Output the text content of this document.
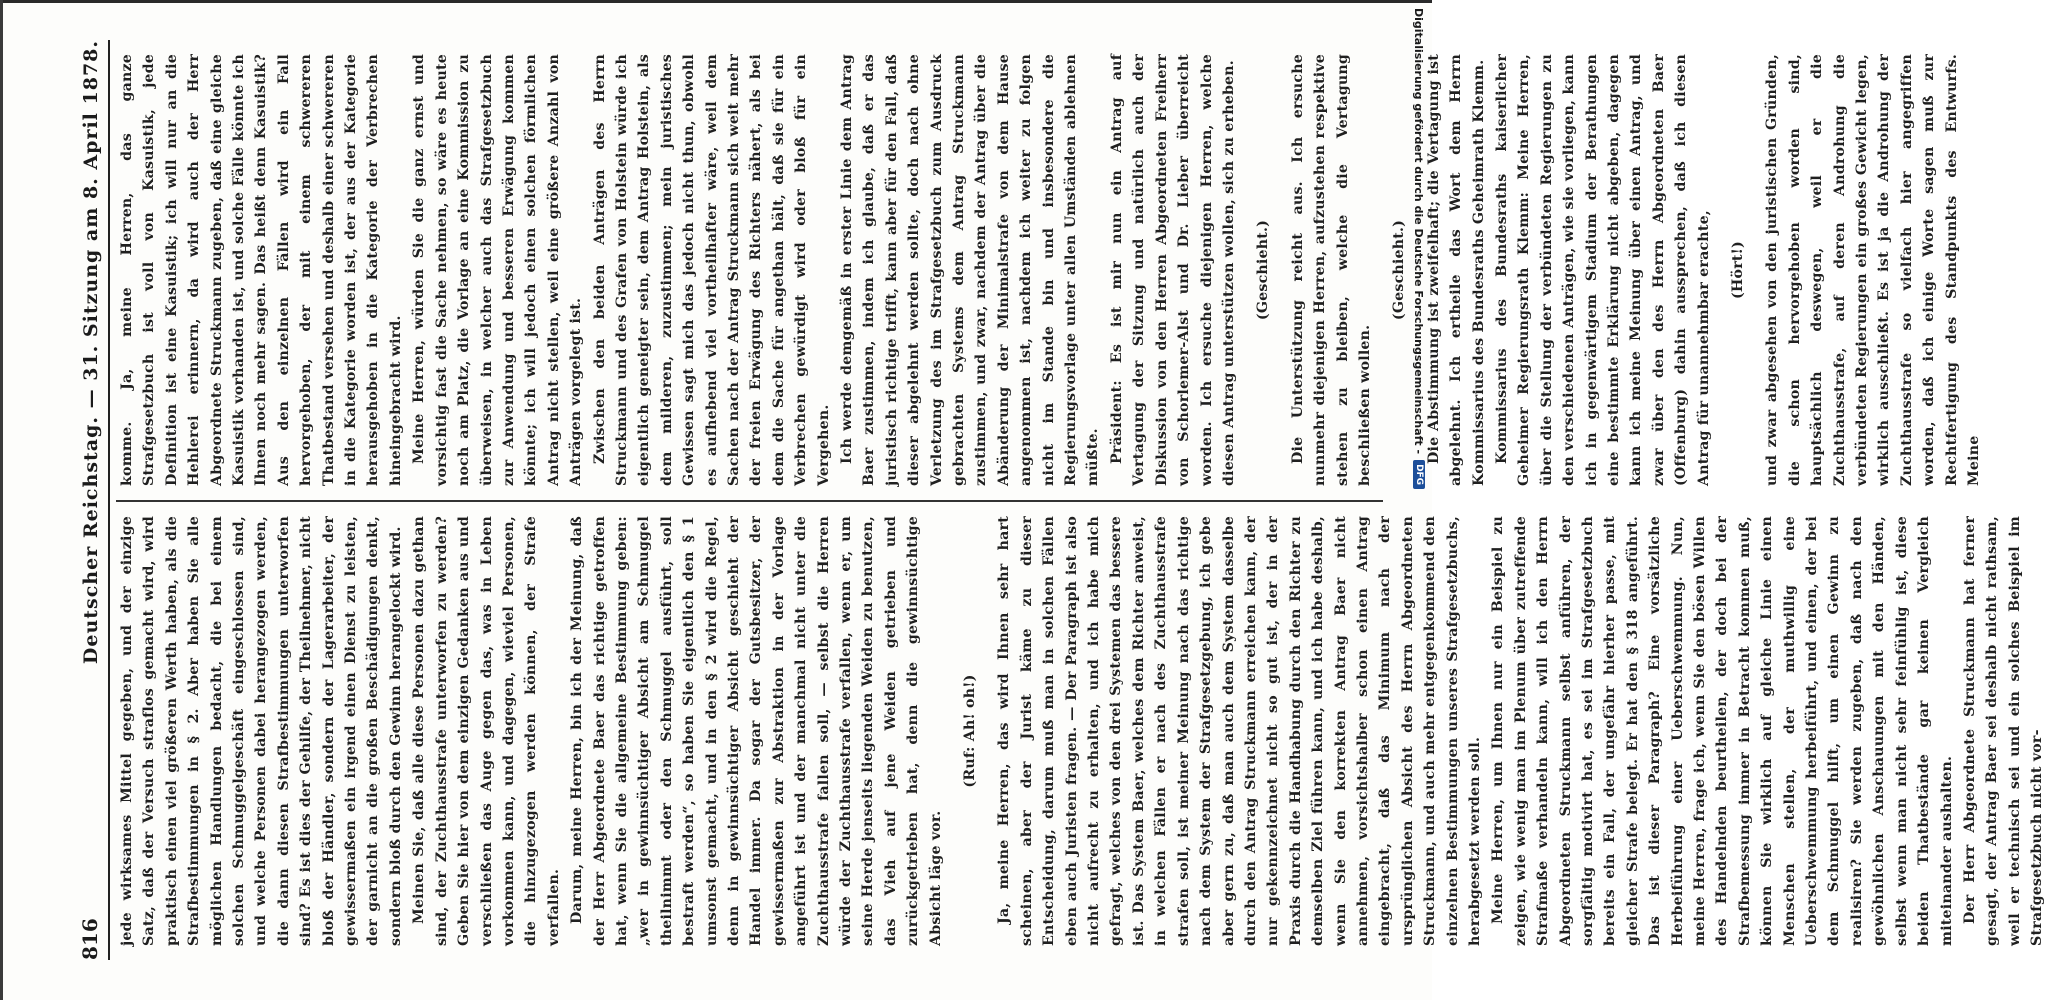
816
Deutscher Reichstag. — 31. Sitzung am 8. April 1878.

jede wirksames Mittel gegeben, und der einzige Satz, daß der Versuch straflos gemacht wird, wird praktisch einen viel größeren Werth haben, als die Strafbestimmungen in § 2. Aber haben Sie alle möglichen Handlungen bedacht, die bei einem solchen Schmuggelgeschäft eingeschlossen sind, und welche Personen dabei herangezogen werden, die dann diesen Strafbestimmungen unterworfen sind? Es ist dies der Gehilfe, der Theilnehmer, nicht bloß der Händler, sondern der Lagerarbeiter, der gewissermaßen ein irgend einen Dienst zu leisten, der garnicht an die großen Beschädigungen denkt, sondern bloß durch den Gewinn herangelockt wird. Meinen Sie, daß alle diese Personen dazu gethan sind, der Zuchthausstrafe unterworfen zu werden? Geben Sie hier von dem einzigen Gedanken aus und verschließen das Auge gegen das, was in Leben vorkommen kann, und dagegen, wieviel Personen, die hinzugezogen werden können, der Strafe verfallen. Darum, meine Herren, bin ich der Meinung, daß der Herr Abgeordnete Baer das richtige getroffen hat, wenn Sie die allgemeine Bestimmung geben: „wer in gewinnsüchtiger Absicht am Schmuggel theilnimmt oder den Schmuggel ausführt, soll bestraft werden“, so haben Sie eigentlich den § 1 umsonst gemacht, und in den § 2 wird die Regel, denn in gewinnsüchtiger Absicht geschieht der Handel immer. Da sogar der Gutsbesitzer, der gewissermaßen zur Abstraktion in der Vorlage angeführt ist und der manchmal nicht unter die Zuchthausstrafe fallen soll, — selbst die Herren würde der Zuchthausstrafe verfallen, wenn er, um seine Herde jenseits liegenden Weiden zu benutzen, das Vieh auf jene Weiden getrieben und zurückgetrieben hat, denn die gewinnsüchtige Absicht läge vor.

(Ruf: Ah! oh!) Ja, meine Herren, das wird Ihnen sehr hart scheinen, aber der Jurist käme zu dieser Entscheidung, darum muß man in solchen Fällen eben auch Juristen fragen. — Der Paragraph ist also nicht aufrecht zu erhalten, und ich habe mich gefragt, welches von den drei Systemen das bessere ist. Das System Baer, welches dem Richter anweist, in welchen Fällen er nach des Zuchthausstrafe strafen soll, ist meiner Meinung nach das richtige nach dem System der Strafgesetzgebung, ich gebe aber gern zu, daß man auch dem System dasselbe durch den Antrag Struckmann erreichen kann, der nur gekennzeichnet nicht so gut ist, der in der Praxis durch die Handhabung durch den Richter zu demselben Ziel führen kann, und ich habe deshalb, wenn Sie den korrekten Antrag Baer nicht annehmen, vorsichtshalber schon einen Antrag eingebracht, daß das Minimum nach der ursprünglichen Absicht des Herrn Abgeordneten Struckmann, und auch mehr entgegenkommend den einzelnen Bestimmungen unseres Strafgesetzbuchs, herabgesetzt werden soll. Meine Herren, um Ihnen nur ein Beispiel zu zeigen, wie wenig man im Plenum über zutreffende Strafmaße verhandeln kann, will ich den Herrn Abgeordneten Struckmann selbst anführen, der sorgfältig motivirt hat, es sei im Strafgesetzbuch bereits ein Fall, der ungefähr hierher passe, mit gleicher Strafe belegt. Er hat den § 318 angeführt. Das ist dieser Paragraph? Eine vorsätzliche Herbeiführung einer Ueberschwemmung. Nun, meine Herren, frage ich, wenn Sie den bösen Willen des Handelnden beurtheilen, der doch bei der Strafbemessung immer in Betracht kommen muß, können Sie wirklich auf gleiche Linie einen Menschen stellen, der muthwillig eine Ueberschwemmung herbeiführt, und einen, der bei dem Schmuggel hilft, um einen Gewinn zu realisiren? Sie werden zugeben, daß nach den gewöhnlichen Anschauungen mit den Händen, selbst wenn man nicht sehr feinfühlig ist, diese beiden Thatbestände gar keinen Vergleich miteinander aushalten. Der Herr Abgeordnete Struckmann hat ferner gesagt, der Antrag Baer sei deshalb nicht rathsam, weil er technisch sei und ein solches Beispiel im Strafgesetzbuch nicht vor-

komme. Ja, meine Herren, das ganze Strafgesetzbuch ist voll von Kasuistik, jede Definition ist eine Kasuistik; ich will nur an die Hehlerei erinnern, da wird auch der Herr Abgeordnete Struckmann zugeben, daß eine gleiche Kasuistik vorhanden ist, und solche Fälle könnte ich Ihnen noch mehr sagen. Das heißt denn Kasuistik? Aus den einzelnen Fällen wird ein Fall hervorgehoben, der mit einem schwereren Thatbestand versehen und deshalb einer schwereren in die Kategorie worden ist, der aus der Kategorie herausgehoben in die Kategorie der Verbrechen hineingebracht wird. Meine Herren, würden Sie die ganz ernst und vorsichtig fast die Sache nehmen, so wäre es heute noch am Platz, die Vorlage an eine Kommission zu überweisen, in welcher auch das Strafgesetzbuch zur Anwendung und besseren Erwägung kommen könnte; ich will jedoch einen solchen förmlichen Antrag nicht stellen, weil eine größere Anzahl von Anträgen vorgelegt ist. Zwischen den beiden Anträgen des Herrn Struckmann und des Grafen von Holstein würde ich eigentlich geneigter sein, dem Antrag Holstein, als dem milderen, zuzustimmen; mein juristisches Gewissen sagt mich das jedoch nicht thun, obwohl es aufhebend viel vortheilhafter wäre, weil dem Sachen nach der Antrag Struckmann sich weit mehr der freien Erwägung des Richters nähert, als bei dem die Sache für angethan hält, daß sie für ein Verbrechen gewürdigt wird oder bloß für ein Vergehen. Ich werde demgemäß in erster Linie dem Antrag Baer zustimmen, indem ich glaube, daß er das juristisch richtige trifft, kann aber für den Fall, daß dieser abgelehnt werden sollte, doch nach ohne Verletzung des im Strafgesetzbuch zum Ausdruck gebrachten Systems dem Antrag Struckmann zustimmen, und zwar, nachdem der Antrag über die Abänderung der Minimalstrafe von dem Hause angenommen ist, nachdem ich weiter zu folgen nicht im Stande bin und insbesondere die Regierungsvorlage unter allen Umständen ablehnen müßte. Präsident: Es ist mir nun ein Antrag auf Vertagung der Sitzung und natürlich auch der Diskussion von den Herren Abgeordneten Freiherr von Schorlemer-Alst und Dr. Lieber überreicht worden. Ich ersuche diejenigen Herren, welche diesen Antrag unterstützen wollen, sich zu erheben. (Geschieht.) Die Unterstützung reicht aus. Ich ersuche nunmehr diejenigen Herren, aufzustehen respektive stehen zu bleiben, welche die Vertagung beschließen wollen.

(Geschieht.) Die Abstimmung ist zweifelhaft; die Vertagung ist abgelehnt. Ich ertheile das Wort dem Herrn Kommissarius des Bundesraths Geheimrath Klemm. Kommissarius des Bundesraths kaiserlicher Geheimer Regierungsrath Klemm: Meine Herren, über die Stellung der verbündeten Regierungen zu den verschiedenen Anträgen, wie sie vorliegen, kann ich in gegenwärtigem Stadium der Berathungen eine bestimmte Erklärung nicht abgeben, dagegen kann ich meine Meinung über einen Antrag, und zwar über den des Herrn Abgeordneten Baer (Offenburg) dahin aussprechen, daß ich diesen Antrag für unannehmbar erachte, (Hört!) und zwar abgesehen von den juristischen Gründen, die schon hervorgehoben worden sind, hauptsächlich deswegen, weil er die Zuchthausstrafe, auf deren Androhung die verbündeten Regierungen ein großes Gewicht legen, wirklich ausschließt. Es ist ja die Androhung der Zuchthausstrafe so vielfach hier angegriffen worden, daß ich einige Worte sagen muß zur Rechtfertigung des Standpunkts des Entwurfs. Meine

Digitalisierung gefördert durch die Deutsche Forschungsgemeinschaft -
DFG
